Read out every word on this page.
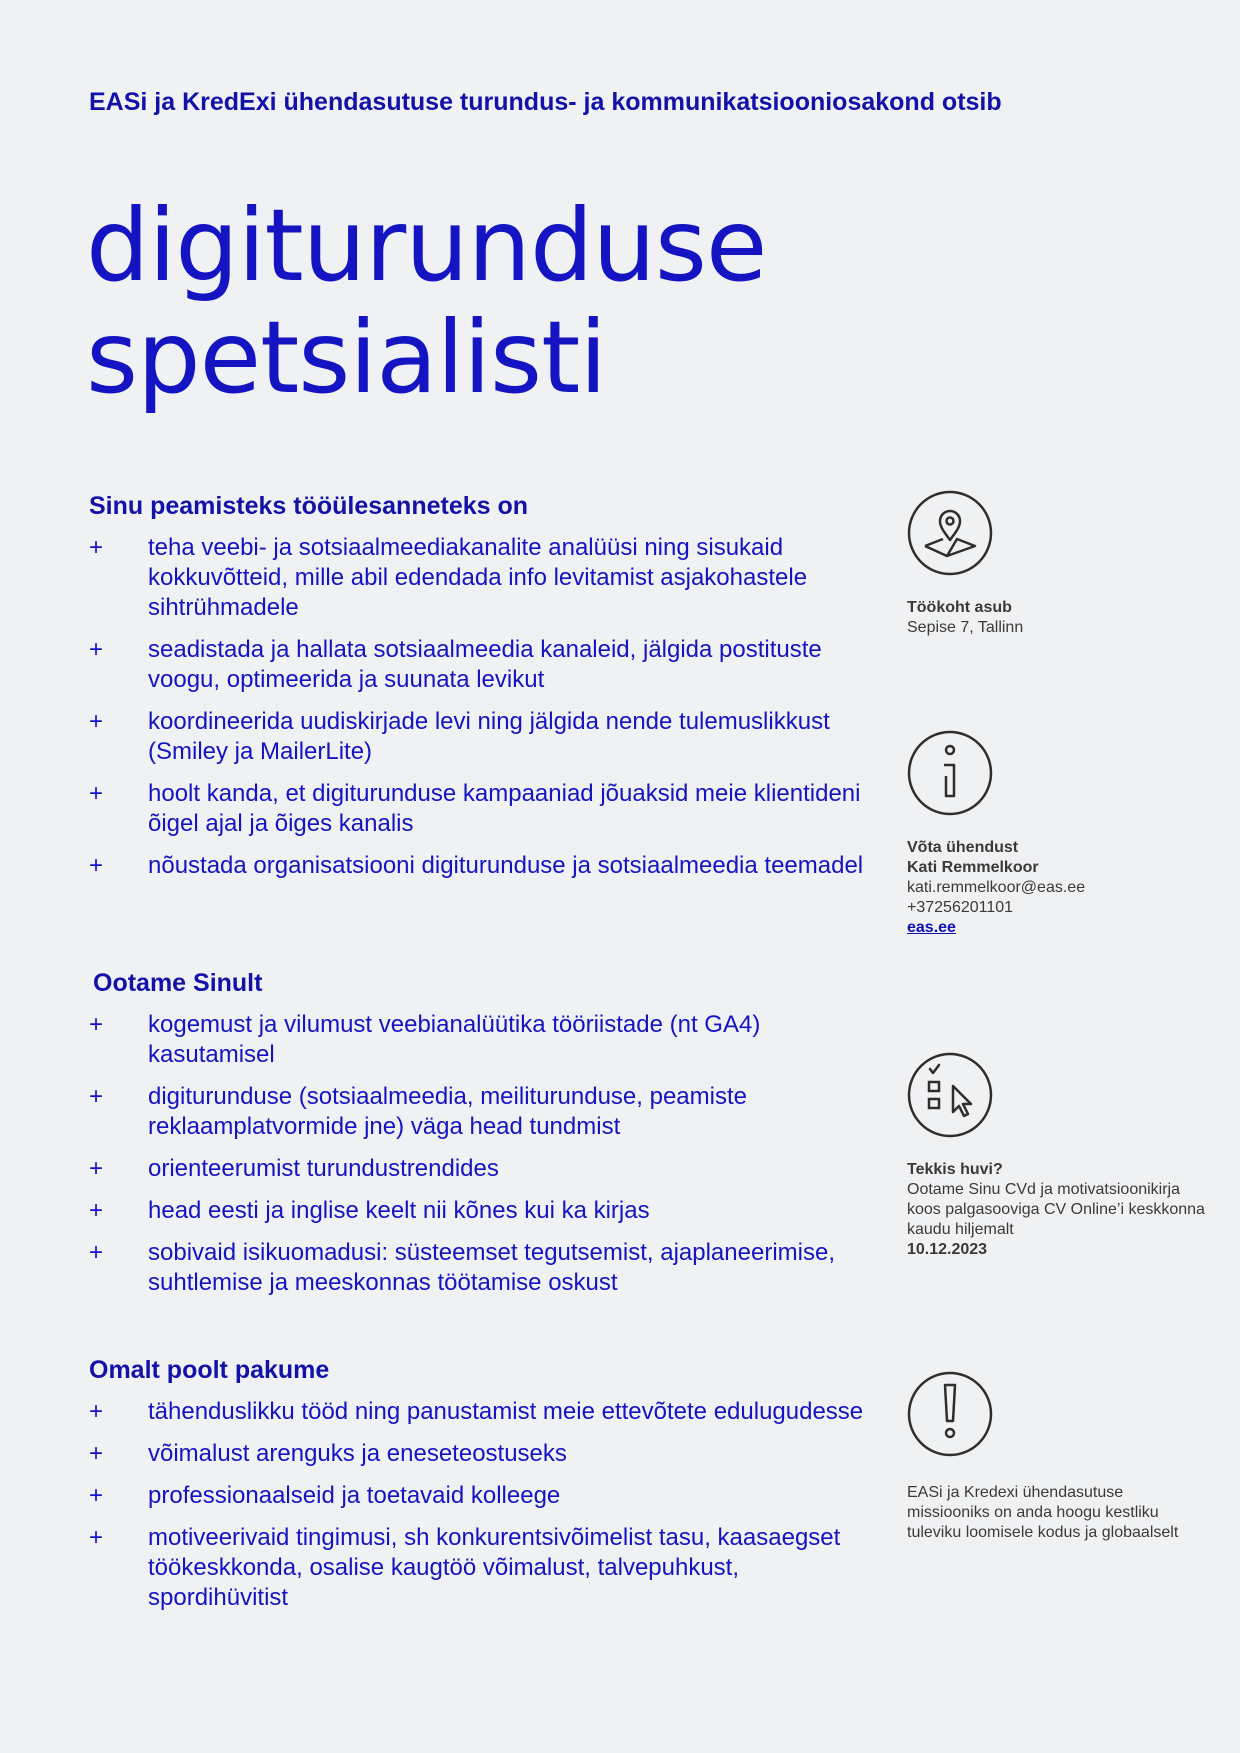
EASi ja KredExi ühendasutuse turundus- ja kommunikatsiooniosakond otsib

digiturunduse
spetsialisti
Sinu peamisteks tööülesanneteks on
+ teha veebi- ja sotsiaalmeediakanalite analüüsi ning sisukaid kokkuvõtteid, mille abil edendada info levitamist asjakohastele sihtrühmadele
+ seadistada ja hallata sotsiaalmeedia kanaleid, jälgida postituste voogu, optimeerida ja suunata levikut
+ koordineerida uudiskirjade levi ning jälgida nende tulemuslikkust (Smiley ja MailerLite)
+ hoolt kanda, et digiturunduse kampaaniad jõuaksid meie klientideni õigel ajal ja õiges kanalis
+ nõustada organisatsiooni digiturunduse ja sotsiaalmeedia teemadel
Ootame Sinult
+ kogemust ja vilumust veebianalüütika tööriistade (nt GA4) kasutamisel
+ digiturunduse (sotsiaalmeedia, meiliturunduse, peamiste reklaamplatvormide jne) väga head tundmist
+ orienteerumist turundustrendides
+ head eesti ja inglise keelt nii kõnes kui ka kirjas
+ sobivaid isikuomadusi: süsteemset tegutsemist, ajaplaneerimise, suhtlemise ja meeskonnas töötamise oskust
Omalt poolt pakume
+ tähenduslikku tööd ning panustamist meie ettevõtete edulugudesse
+ võimalust arenguks ja eneseteostuseks
+ professionaalseid ja toetavaid kolleege
+ motiveerivaid tingimusi, sh konkurentsivõimelist tasu, kaasaegset töökeskkonda, osalise kaugtöö võimalust, talvepuhkust, spordihüvitist

Töökoht asub

Sepise 7, Tallinn

Võta ühendust

Kati Remmelkoor

kati.remmelkoor@eas.ee

+37256201101

eas.ee

Tekkis huvi?

Ootame Sinu CVd ja motivatsioonikirja koos palgasooviga CV Online’i keskkonna kaudu hiljemalt

10.12.2023

EASi ja Kredexi ühendasutuse missiooniks on anda hoogu kestliku tuleviku loomisele kodus ja globaalselt
